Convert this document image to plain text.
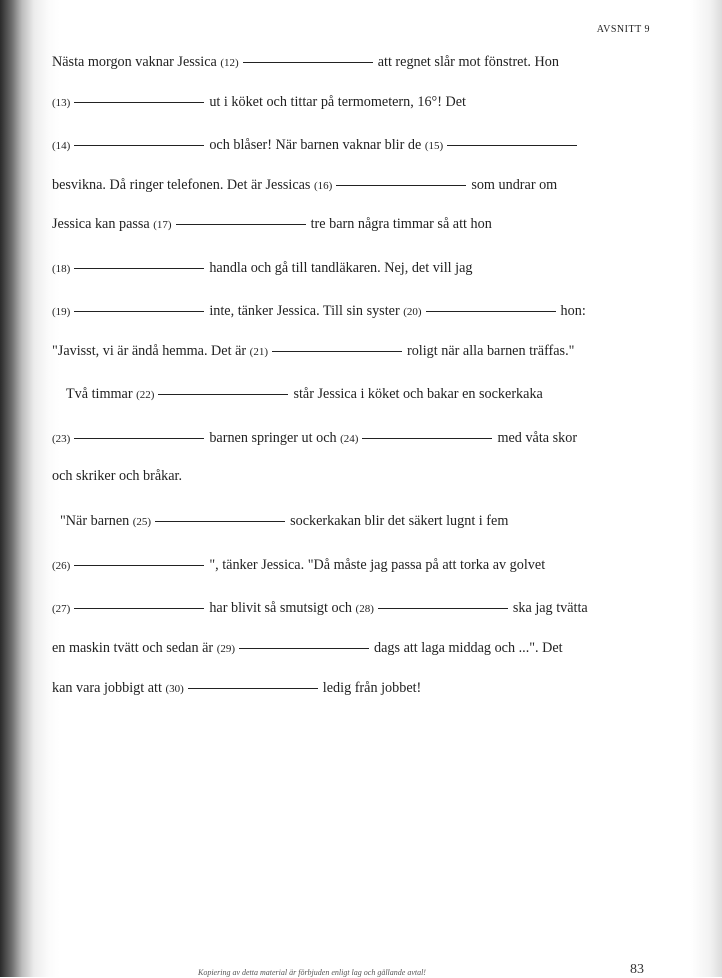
AVSNITT 9
Nästa morgon vaknar Jessica (12)	att regnet slår mot fönstret. Hon
(13)	ut i köket och tittar på termometern, 16°! Det
(14)	och blåser! När barnen vaknar blir de (15)
besvikna. Då ringer telefonen. Det är Jessicas (16)	som undrar om
Jessica kan passa (17)	tre barn några timmar så att hon
(18)	handla och gå till tandläkaren. Nej, det vill jag
(19)	inte, tänker Jessica. Till sin syster (20)	hon:
"Javisst, vi är ändå hemma. Det är (21)	roligt när alla barnen träffas."
Två timmar (22)	står Jessica i köket och bakar en sockerkaka
(23)	barnen springer ut och (24)	med våta skor
och skriker och bråkar.
"När barnen (25)	sockerkakan blir det säkert lugnt i fem
(26)	", tänker Jessica. "Då måste jag passa på att torka av golvet
(27)	har blivit så smutsigt och (28)	ska jag tvätta
en maskin tvätt och sedan är (29)	dags att laga middag och ...". Det
kan vara jobbigt att (30)	ledig från jobbet!
Kopiering av detta material är förbjuden enligt lag och gällande avtal!	83
